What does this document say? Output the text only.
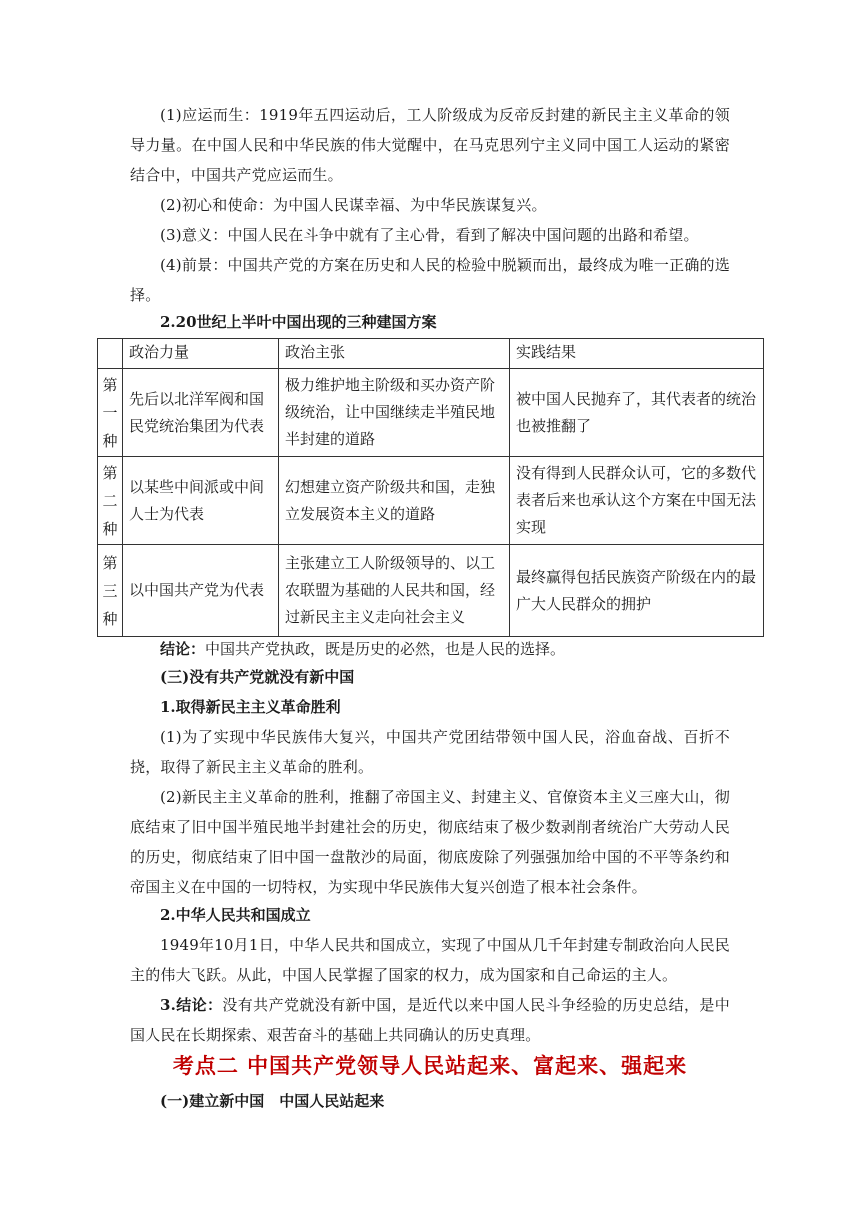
(1)应运而生：1919年五四运动后，工人阶级成为反帝反封建的新民主主义革命的领导力量。在中国人民和中华民族的伟大觉醒中，在马克思列宁主义同中国工人运动的紧密结合中，中国共产党应运而生。

(2)初心和使命：为中国人民谋幸福、为中华民族谋复兴。

(3)意义：中国人民在斗争中就有了主心骨，看到了解决中国问题的出路和希望。

(4)前景：中国共产党的方案在历史和人民的检验中脱颖而出，最终成为唯一正确的选择。

2.20世纪上半叶中国出现的三种建国方案

	政治力量	政治主张	实践结果

第
一
种	先后以北洋军阀和国民党统治集团为代表	极力维护地主阶级和买办资产阶级统治，让中国继续走半殖民地半封建的道路	被中国人民抛弃了，其代表者的统治也被推翻了

第
二
种	以某些中间派或中间人士为代表	幻想建立资产阶级共和国，走独立发展资本主义的道路	没有得到人民群众认可，它的多数代表者后来也承认这个方案在中国无法实现

第
三
种	以中国共产党为代表	主张建立工人阶级领导的、以工农联盟为基础的人民共和国，经过新民主主义走向社会主义	最终赢得包括民族资产阶级在内的最广大人民群众的拥护

结论：中国共产党执政，既是历史的必然，也是人民的选择。

(三)没有共产党就没有新中国

1.取得新民主主义革命胜利

(1)为了实现中华民族伟大复兴，中国共产党团结带领中国人民，浴血奋战、百折不挠，取得了新民主主义革命的胜利。

(2)新民主主义革命的胜利，推翻了帝国主义、封建主义、官僚资本主义三座大山，彻底结束了旧中国半殖民地半封建社会的历史，彻底结束了极少数剥削者统治广大劳动人民的历史，彻底结束了旧中国一盘散沙的局面，彻底废除了列强强加给中国的不平等条约和帝国主义在中国的一切特权，为实现中华民族伟大复兴创造了根本社会条件。

2.中华人民共和国成立

1949年10月1日，中华人民共和国成立，实现了中国从几千年封建专制政治向人民民主的伟大飞跃。从此，中国人民掌握了国家的权力，成为国家和自己命运的主人。

3.结论：没有共产党就没有新中国，是近代以来中国人民斗争经验的历史总结，是中国人民在长期探索、艰苦奋斗的基础上共同确认的历史真理。

考点二 中国共产党领导人民站起来、富起来、强起来

(一)建立新中国　中国人民站起来
